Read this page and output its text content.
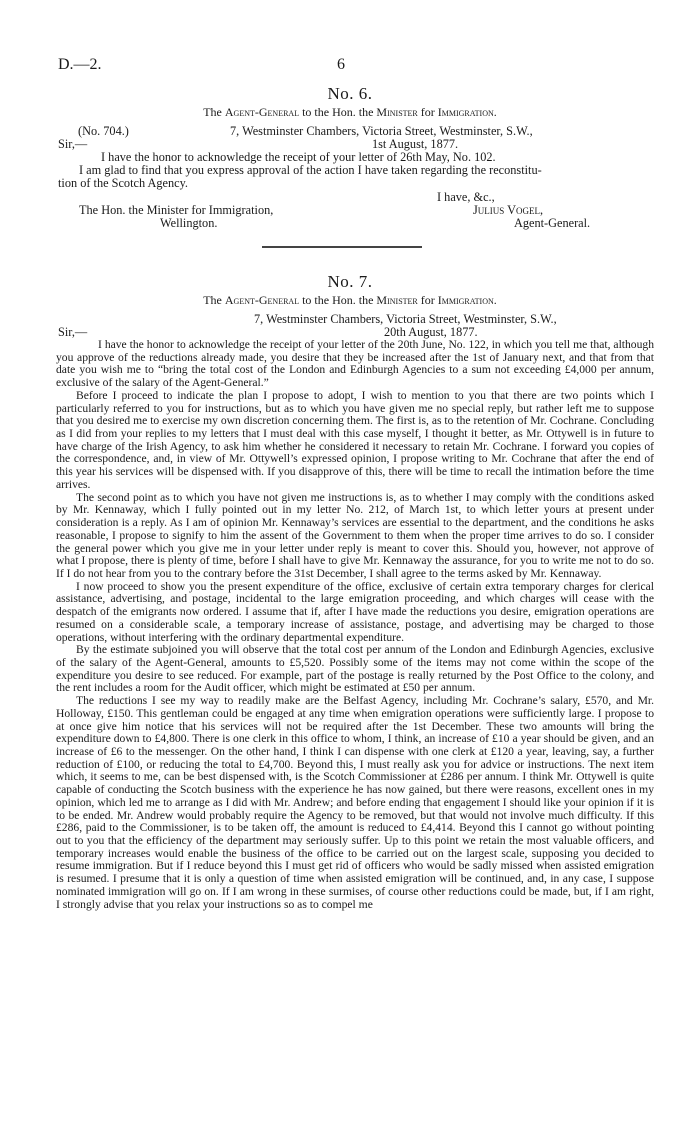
D.—2.	6
No. 6.
The Agent-General to the Hon. the Minister for Immigration.
(No. 704.)	7, Westminster Chambers, Victoria Street, Westminster, S.W.,
Sir,—	1st August, 1877.
I have the honor to acknowledge the receipt of your letter of 26th May, No. 102.
I am glad to find that you express approval of the action I have taken regarding the reconstitu-
tion of the Scotch Agency.
I have, &c.,
The Hon. the Minister for Immigration,	Julius Vogel,
Wellington.	Agent-General.
No. 7.
The Agent-General to the Hon. the Minister for Immigration.
7, Westminster Chambers, Victoria Street, Westminster, S.W.,
Sir,—	20th August, 1877.

I have the honor to acknowledge the receipt of your letter of the 20th June, No. 122, in which you tell me that, although you approve of the reductions already made, you desire that they be increased after the 1st of January next, and that from that date you wish me to “bring the total cost of the London and Edinburgh Agencies to a sum not exceeding £4,000 per annum, exclusive of the salary of the Agent-General.”

Before I proceed to indicate the plan I propose to adopt, I wish to mention to you that there are two points which I particularly referred to you for instructions, but as to which you have given me no special reply, but rather left me to suppose that you desired me to exercise my own discretion concerning them. The first is, as to the retention of Mr. Cochrane. Concluding as I did from your replies to my letters that I must deal with this case myself, I thought it better, as Mr. Ottywell is in future to have charge of the Irish Agency, to ask him whether he considered it necessary to retain Mr. Cochrane. I forward you copies of the correspondence, and, in view of Mr. Ottywell’s expressed opinion, I propose writing to Mr. Cochrane that after the end of this year his services will be dispensed with. If you disapprove of this, there will be time to recall the intimation before the time arrives.

The second point as to which you have not given me instructions is, as to whether I may comply with the conditions asked by Mr. Kennaway, which I fully pointed out in my letter No. 212, of March 1st, to which letter yours at present under consideration is a reply. As I am of opinion Mr. Kennaway’s services are essential to the department, and the conditions he asks reasonable, I propose to signify to him the assent of the Government to them when the proper time arrives to do so. I consider the general power which you give me in your letter under reply is meant to cover this. Should you, however, not approve of what I propose, there is plenty of time, before I shall have to give Mr. Kennaway the assurance, for you to write me not to do so. If I do not hear from you to the contrary before the 31st December, I shall agree to the terms asked by Mr. Kennaway.

I now proceed to show you the present expenditure of the office, exclusive of certain extra temporary charges for clerical assistance, advertising, and postage, incidental to the large emigration proceeding, and which charges will cease with the despatch of the emigrants now ordered. I assume that if, after I have made the reductions you desire, emigration operations are resumed on a considerable scale, a temporary increase of assistance, postage, and advertising may be charged to those operations, without interfering with the ordinary departmental expenditure.

By the estimate subjoined you will observe that the total cost per annum of the London and Edinburgh Agencies, exclusive of the salary of the Agent-General, amounts to £5,520. Possibly some of the items may not come within the scope of the expenditure you desire to see reduced. For example, part of the postage is really returned by the Post Office to the colony, and the rent includes a room for the Audit officer, which might be estimated at £50 per annum.

The reductions I see my way to readily make are the Belfast Agency, including Mr. Cochrane’s salary, £570, and Mr. Holloway, £150. This gentleman could be engaged at any time when emigration operations were sufficiently large. I propose to at once give him notice that his services will not be required after the 1st December. These two amounts will bring the expenditure down to £4,800. There is one clerk in this office to whom, I think, an increase of £10 a year should be given, and an increase of £6 to the messenger. On the other hand, I think I can dispense with one clerk at £120 a year, leaving, say, a further reduction of £100, or reducing the total to £4,700. Beyond this, I must really ask you for advice or instructions. The next item which, it seems to me, can be best dispensed with, is the Scotch Commissioner at £286 per annum. I think Mr. Ottywell is quite capable of conducting the Scotch business with the experience he has now gained, but there were reasons, excellent ones in my opinion, which led me to arrange as I did with Mr. Andrew; and before ending that engagement I should like your opinion if it is to be ended. Mr. Andrew would probably require the Agency to be removed, but that would not involve much difficulty. If this £286, paid to the Commissioner, is to be taken off, the amount is reduced to £4,414. Beyond this I cannot go without pointing out to you that the efficiency of the department may seriously suffer. Up to this point we retain the most valuable officers, and temporary increases would enable the business of the office to be carried out on the largest scale, supposing you decided to resume immigration. But if I reduce beyond this I must get rid of officers who would be sadly missed when assisted emigration is resumed. I presume that it is only a question of time when assisted emigration will be continued, and, in any case, I suppose nominated immigration will go on. If I am wrong in these surmises, of course other reductions could be made, but, if I am right, I strongly advise that you relax your instructions so as to compel me
